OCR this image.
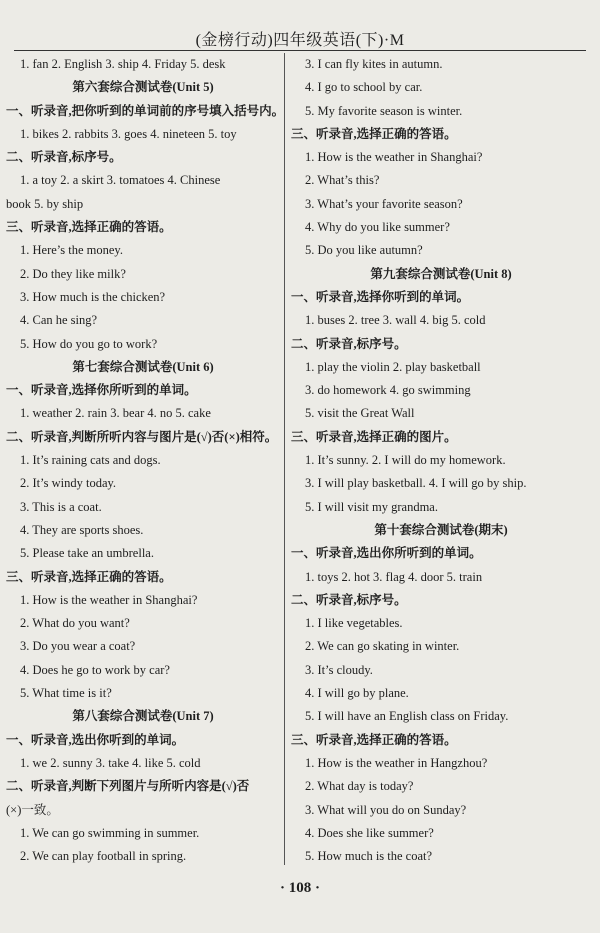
(金榜行动)四年级英语(下)·M
1. fan 2. English 3. ship 4. Friday 5. desk
第六套综合测试卷(Unit 5)
一、听录音,把你听到的单词前的序号填入括号内。
1. bikes 2. rabbits 3. goes 4. nineteen 5. toy
二、听录音,标序号。
1. a toy 2. a skirt 3. tomatoes 4. Chinese
book 5. by ship
三、听录音,选择正确的答语。
1. Here’s the money.
2. Do they like milk?
3. How much is the chicken?
4. Can he sing?
5. How do you go to work?
第七套综合测试卷(Unit 6)
一、听录音,选择你所听到的单词。
1. weather 2. rain 3. bear 4. no 5. cake
二、听录音,判断所听内容与图片是(√)否(×)相符。
1. It’s raining cats and dogs.
2. It’s windy today.
3. This is a coat.
4. They are sports shoes.
5. Please take an umbrella.
三、听录音,选择正确的答语。
1. How is the weather in Shanghai?
2. What do you want?
3. Do you wear a coat?
4. Does he go to work by car?
5. What time is it?
第八套综合测试卷(Unit 7)
一、听录音,选出你听到的单词。
1. we 2. sunny 3. take 4. like 5. cold
二、听录音,判断下列图片与所听内容是(√)否
(×)一致。
1. We can go swimming in summer.
2. We can play football in spring.
3. I can fly kites in autumn.
4. I go to school by car.
5. My favorite season is winter.
三、听录音,选择正确的答语。
1. How is the weather in Shanghai?
2. What’s this?
3. What’s your favorite season?
4. Why do you like summer?
5. Do you like autumn?
第九套综合测试卷(Unit 8)
一、听录音,选择你听到的单词。
1. buses 2. tree 3. wall 4. big 5. cold
二、听录音,标序号。
1. play the violin 2. play basketball
3. do homework 4. go swimming
5. visit the Great Wall
三、听录音,选择正确的图片。
1. It’s sunny. 2. I will do my homework.
3. I will play basketball. 4. I will go by ship.
5. I will visit my grandma.
第十套综合测试卷(期末)
一、听录音,选出你所听到的单词。
1. toys 2. hot 3. flag 4. door 5. train
二、听录音,标序号。
1. I like vegetables.
2. We can go skating in winter.
3. It’s cloudy.
4. I will go by plane.
5. I will have an English class on Friday.
三、听录音,选择正确的答语。
1. How is the weather in Hangzhou?
2. What day is today?
3. What will you do on Sunday?
4. Does she like summer?
5. How much is the coat?
· 108 ·
